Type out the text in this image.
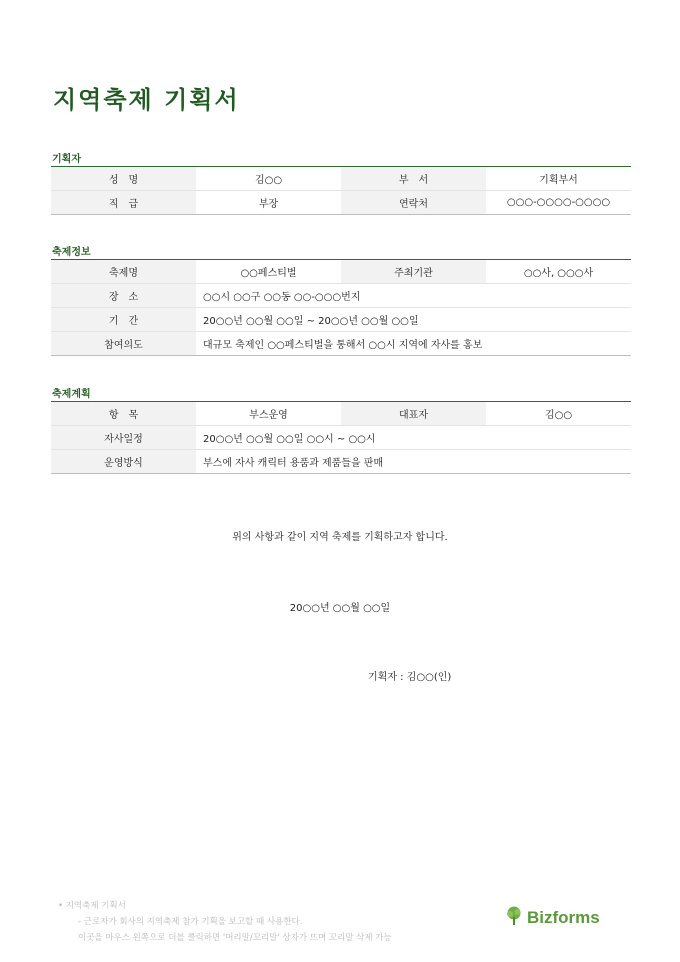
지역축제 기획서
기획자
성　명	김○○	부　서	기획부서
직　급	부장	연락처	○○○-○○○○-○○○○
축제정보
축제명	○○페스티벌	주최기관	○○사, ○○○사
장　소	○○시 ○○구 ○○동 ○○-○○○번지		
기　간	20○○년 ○○월 ○○일 ~ 20○○년 ○○월 ○○일		
참여의도	대규모 축제인 ○○페스티벌을 통해서 ○○시 지역에 자사를 홍보		
축제계획
항　목	부스운영	대표자	김○○
자사일정	20○○년 ○○월 ○○일 ○○시 ~ ○○시		
운영방식	부스에 자사 캐릭터 용품과 제품들을 판매		
위의 사항과 같이 지역 축제를 기획하고자 합니다.
20○○년 ○○월 ○○일
기획자 : 김○○(인)
• 지역축제 기획서
- 근로자가 회사의 지역축제 참가 기획을 보고할 때 사용한다.
이곳을 마우스 왼쪽으로 더블 클릭하면 '머리말/꼬리말' 상자가 뜨며 꼬리말 삭제 가능
Bizforms
